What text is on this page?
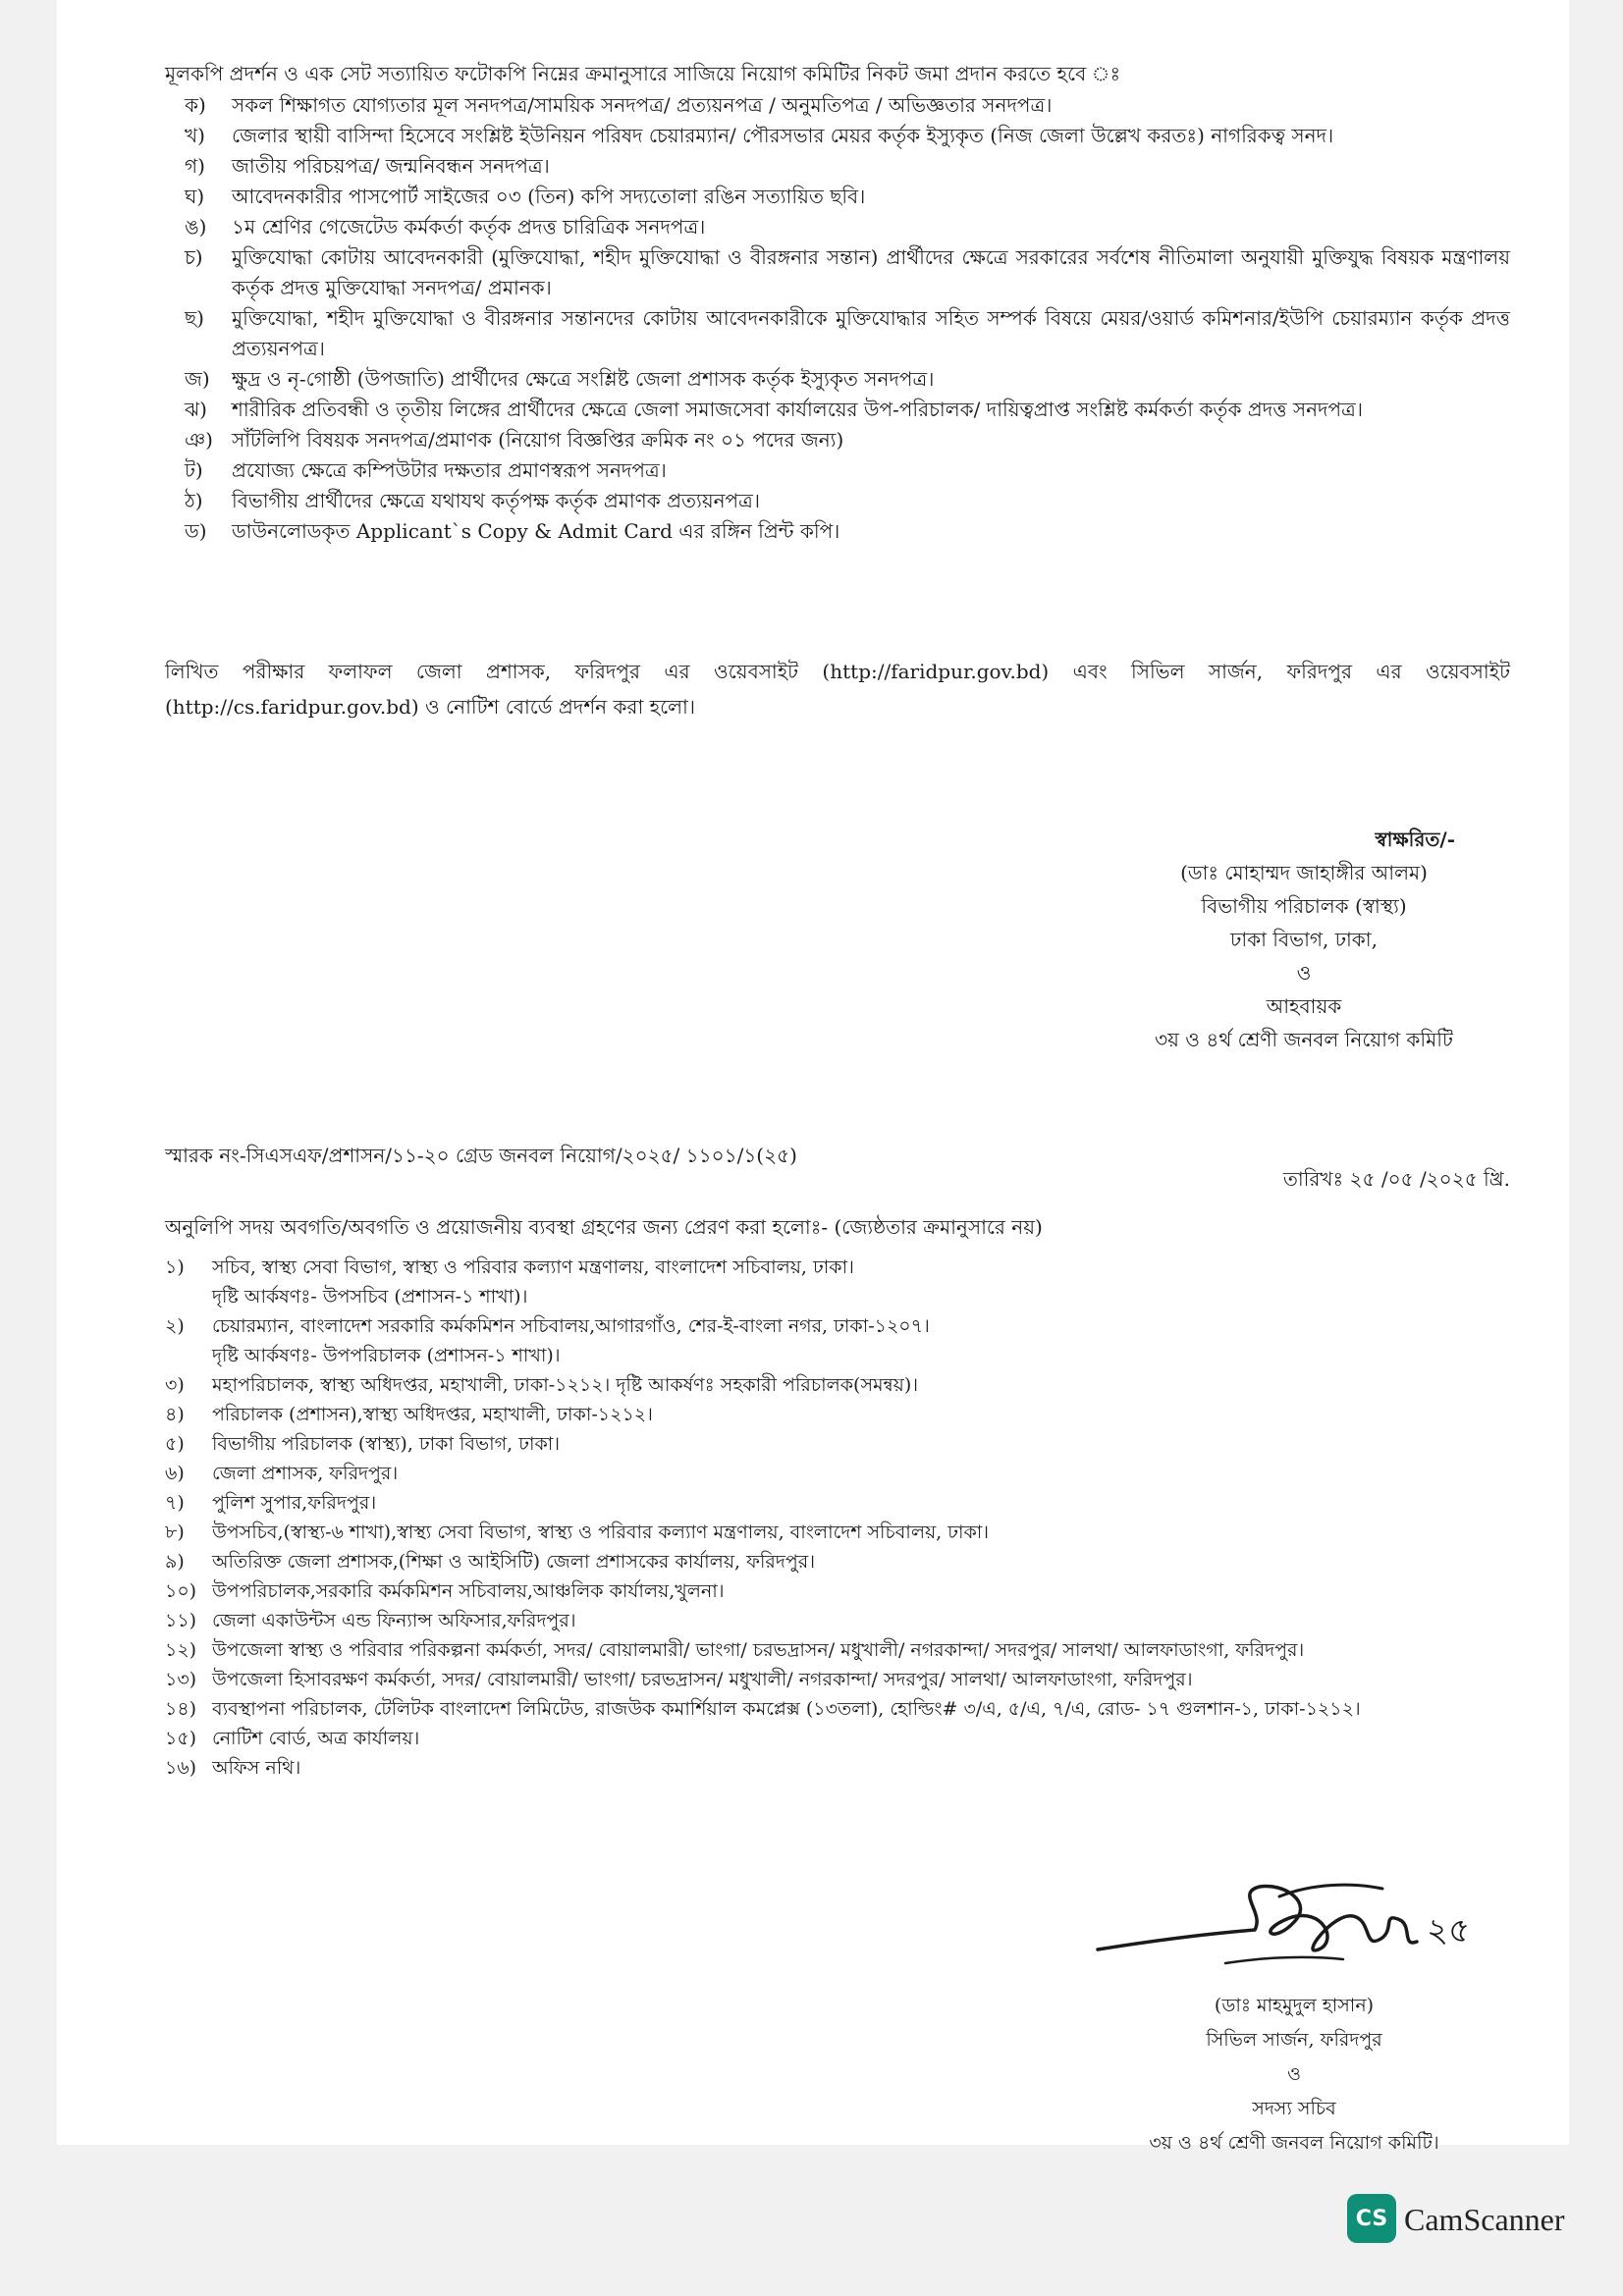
মূলকপি প্রদর্শন ও এক সেট সত্যায়িত ফটোকপি নিম্নের ক্রমানুসারে সাজিয়ে নিয়োগ কমিটির নিকট জমা প্রদান করতে হবে ঃ

ক)	সকল শিক্ষাগত যোগ্যতার মূল সনদপত্র/সাময়িক সনদপত্র/ প্রত্যয়নপত্র / অনুমতিপত্র / অভিজ্ঞতার সনদপত্র।
খ)	জেলার স্থায়ী বাসিন্দা হিসেবে সংশ্লিষ্ট ইউনিয়ন পরিষদ চেয়ারম্যান/ পৌরসভার মেয়র কর্তৃক ইস্যুকৃত (নিজ জেলা উল্লেখ করতঃ) নাগরিকত্ব সনদ।
গ)	জাতীয় পরিচয়পত্র/ জন্মনিবন্ধন সনদপত্র।
ঘ)	আবেদনকারীর পাসপোর্ট সাইজের ০৩ (তিন) কপি সদ্যতোলা রঙিন সত্যায়িত ছবি।
ঙ)	১ম শ্রেণির গেজেটেড কর্মকর্তা কর্তৃক প্রদত্ত চারিত্রিক সনদপত্র।
চ)	মুক্তিযোদ্ধা কোটায় আবেদনকারী (মুক্তিযোদ্ধা, শহীদ মুক্তিযোদ্ধা ও বীরঙ্গনার সন্তান) প্রার্থীদের ক্ষেত্রে সরকারের সর্বশেষ নীতিমালা অনুযায়ী মুক্তিযুদ্ধ বিষয়ক মন্ত্রণালয় কর্তৃক প্রদত্ত মুক্তিযোদ্ধা সনদপত্র/ প্রমানক।
ছ)	মুক্তিযোদ্ধা, শহীদ মুক্তিযোদ্ধা ও বীরঙ্গনার সন্তানদের কোটায় আবেদনকারীকে মুক্তিযোদ্ধার সহিত সম্পর্ক বিষয়ে মেয়র/ওয়ার্ড কমিশনার/ইউপি চেয়ারম্যান কর্তৃক প্রদত্ত প্রত্যয়নপত্র।
জ)	ক্ষুদ্র ও নৃ-গোষ্ঠী (উপজাতি) প্রার্থীদের ক্ষেত্রে সংশ্লিষ্ট জেলা প্রশাসক কর্তৃক ইস্যুকৃত সনদপত্র।
ঝ)	শারীরিক প্রতিবন্ধী ও তৃতীয় লিঙ্গের প্রার্থীদের ক্ষেত্রে জেলা সমাজসেবা কার্যালয়ের উপ-পরিচালক/ দায়িত্বপ্রাপ্ত সংশ্লিষ্ট কর্মকর্তা কর্তৃক প্রদত্ত সনদপত্র।
ঞ) সাঁটলিপি বিষয়ক সনদপত্র/প্রমাণক (নিয়োগ বিজ্ঞপ্তির ক্রমিক নং ০১ পদের জন্য)
ট)	প্রযোজ্য ক্ষেত্রে কম্পিউটার দক্ষতার প্রমাণস্বরূপ সনদপত্র।
ঠ)	বিভাগীয় প্রার্থীদের ক্ষেত্রে যথাযথ কর্তৃপক্ষ কর্তৃক প্রমাণক প্রত্যয়নপত্র।
ড)	ডাউনলোডকৃত Applicant`s Copy & Admit Card এর রঙ্গিন প্রিন্ট কপি।

লিখিত পরীক্ষার ফলাফল জেলা প্রশাসক, ফরিদপুর এর ওয়েবসাইট (http://faridpur.gov.bd) এবং সিভিল সার্জন, ফরিদপুর এর ওয়েবসাইট (http://cs.faridpur.gov.bd) ও নোটিশ বোর্ডে প্রদর্শন করা হলো।

স্বাক্ষরিত/-
(ডাঃ মোহাম্মদ জাহাঙ্গীর আলম)
বিভাগীয় পরিচালক (স্বাস্থ্য)
ঢাকা বিভাগ, ঢাকা,
ও
আহবায়ক
৩য় ও ৪র্থ শ্রেণী জনবল নিয়োগ কমিটি
স্মারক নং-সিএসএফ/প্রশাসন/১১-২০ গ্রেড জনবল নিয়োগ/২০২৫/ ১১০১/১(২৫)
তারিখঃ ২৫ /০৫ /২০২৫ খ্রি.
অনুলিপি সদয় অবগতি/অবগতি ও প্রয়োজনীয় ব্যবস্থা গ্রহণের জন্য প্রেরণ করা হলোঃ- (জ্যেষ্ঠতার ক্রমানুসারে নয়)
১)	সচিব, স্বাস্থ্য সেবা বিভাগ, স্বাস্থ্য ও পরিবার কল্যাণ মন্ত্রণালয়, বাংলাদেশ সচিবালয়, ঢাকা।
দৃষ্টি আর্কষণঃ- উপসচিব (প্রশাসন-১ শাখা)।
২)	চেয়ারম্যান, বাংলাদেশ সরকারি কর্মকমিশন সচিবালয়,আগারগাঁও, শের-ই-বাংলা নগর, ঢাকা-১২০৭।
দৃষ্টি আর্কষণঃ- উপপরিচালক (প্রশাসন-১ শাখা)।
৩)	মহাপরিচালক, স্বাস্থ্য অধিদপ্তর, মহাখালী, ঢাকা-১২১২। দৃষ্টি আকর্ষণঃ সহকারী পরিচালক(সমন্বয়)।
৪)	পরিচালক (প্রশাসন),স্বাস্থ্য অধিদপ্তর, মহাখালী, ঢাকা-১২১২।
৫)	বিভাগীয় পরিচালক (স্বাস্থ্য), ঢাকা বিভাগ, ঢাকা।
৬)	জেলা প্রশাসক, ফরিদপুর।
৭)	পুলিশ সুপার,ফরিদপুর।
৮)	উপসচিব,(স্বাস্থ্য-৬ শাখা),স্বাস্থ্য সেবা বিভাগ, স্বাস্থ্য ও পরিবার কল্যাণ মন্ত্রণালয়, বাংলাদেশ সচিবালয়, ঢাকা।
৯)	অতিরিক্ত জেলা প্রশাসক,(শিক্ষা ও আইসিটি) জেলা প্রশাসকের কার্যালয়, ফরিদপুর।
১০) উপপরিচালক,সরকারি কর্মকমিশন সচিবালয়,আঞ্চলিক কার্যালয়,খুলনা।
১১) জেলা একাউন্টস এন্ড ফিন্যান্স অফিসার,ফরিদপুর।
১২) উপজেলা স্বাস্থ্য ও পরিবার পরিকল্পনা কর্মকর্তা, সদর/ বোয়ালমারী/ ভাংগা/ চরভদ্রাসন/ মধুখালী/ নগরকান্দা/ সদরপুর/ সালথা/ আলফাডাংগা, ফরিদপুর।
১৩) উপজেলা হিসাবরক্ষণ কর্মকর্তা, সদর/ বোয়ালমারী/ ভাংগা/ চরভদ্রাসন/ মধুখালী/ নগরকান্দা/ সদরপুর/ সালথা/ আলফাডাংগা, ফরিদপুর।
১৪) ব্যবস্থাপনা পরিচালক, টেলিটক বাংলাদেশ লিমিটেড, রাজউক কমার্শিয়াল কমপ্লেক্স (১৩তলা), হোল্ডিং# ৩/এ, ৫/এ, ৭/এ, রোড- ১৭ গুলশান-১, ঢাকা-১২১২।
১৫) নোটিশ বোর্ড, অত্র কার্যালয়।
১৬) অফিস নথি।
২৫
(ডাঃ মাহমুদুল হাসান)
সিভিল সার্জন, ফরিদপুর
ও
সদস্য সচিব
৩য় ও ৪র্থ শ্রেণী জনবল নিয়োগ কমিটি।
CS CamScanner
